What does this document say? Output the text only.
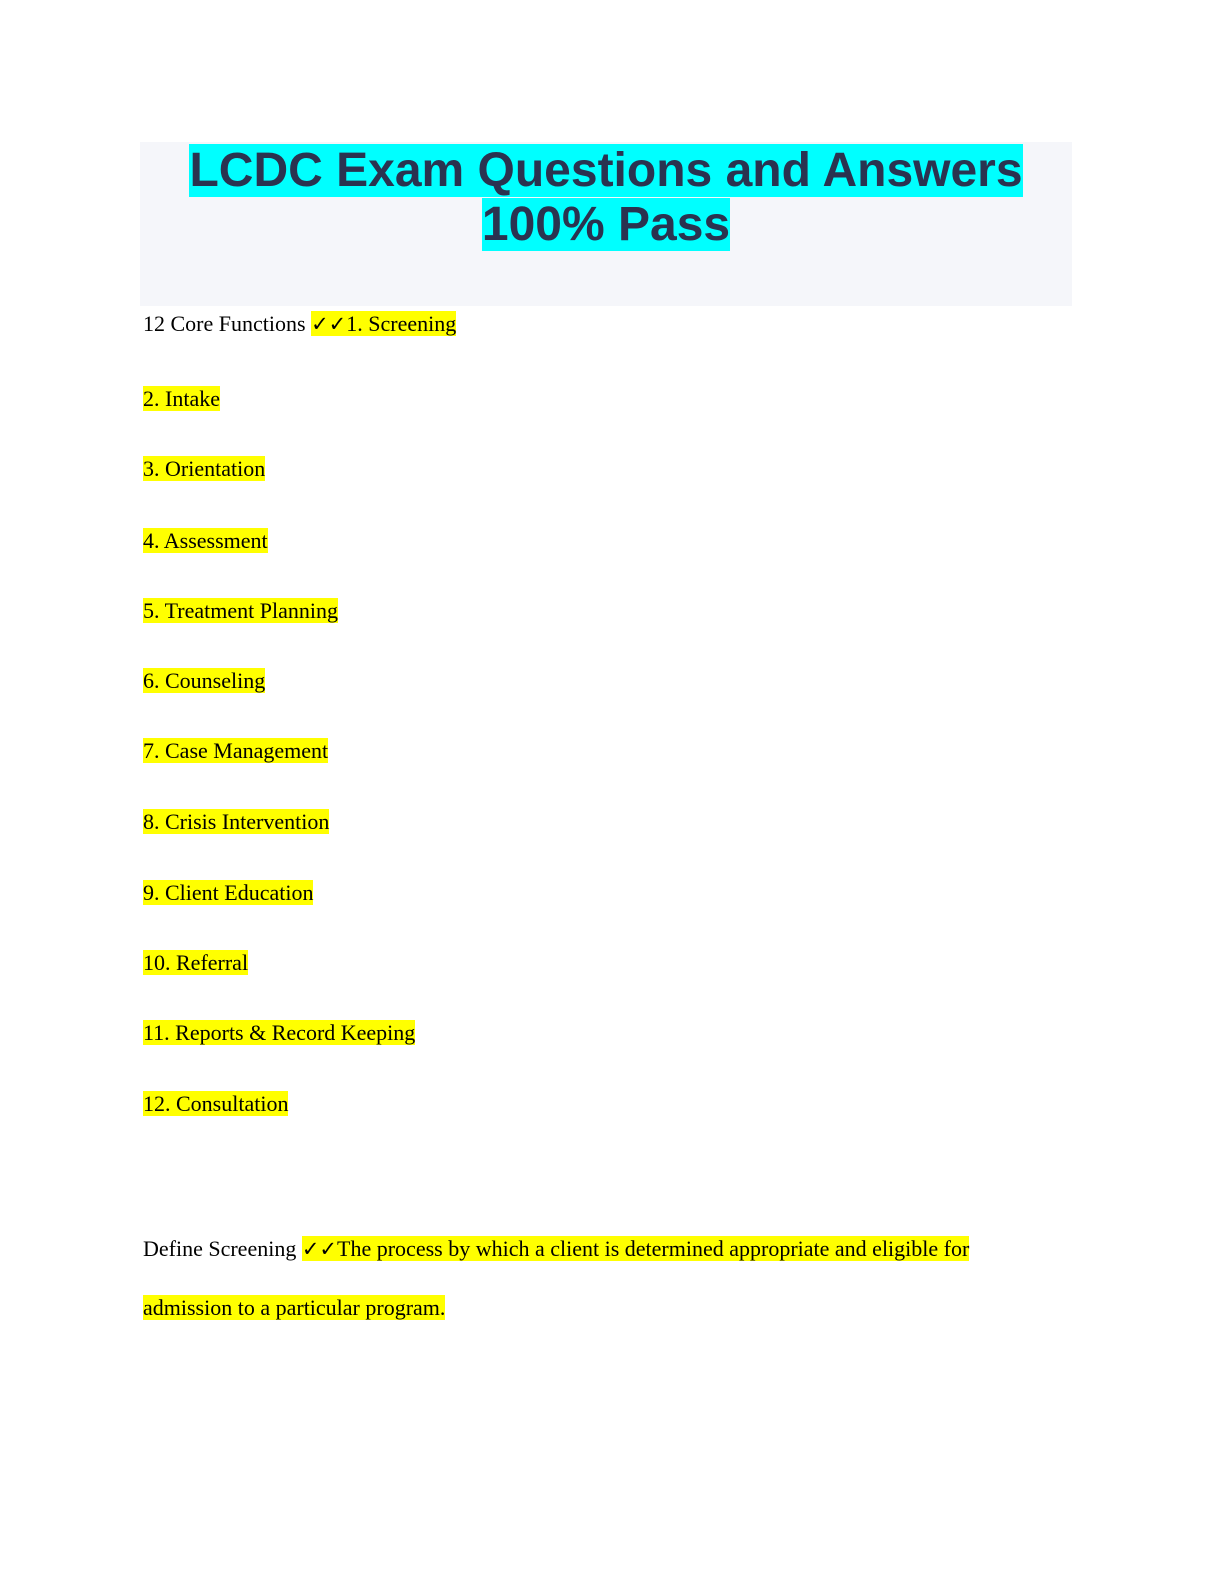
LCDC Exam Questions and Answers
100% Pass
12 Core Functions ✓✓1. Screening
2. Intake
3. Orientation
4. Assessment
5. Treatment Planning
6. Counseling
7. Case Management
8. Crisis Intervention
9. Client Education
10. Referral
11. Reports & Record Keeping
12. Consultation
Define Screening ✓✓The process by which a client is determined appropriate and eligible for
admission to a particular program.
